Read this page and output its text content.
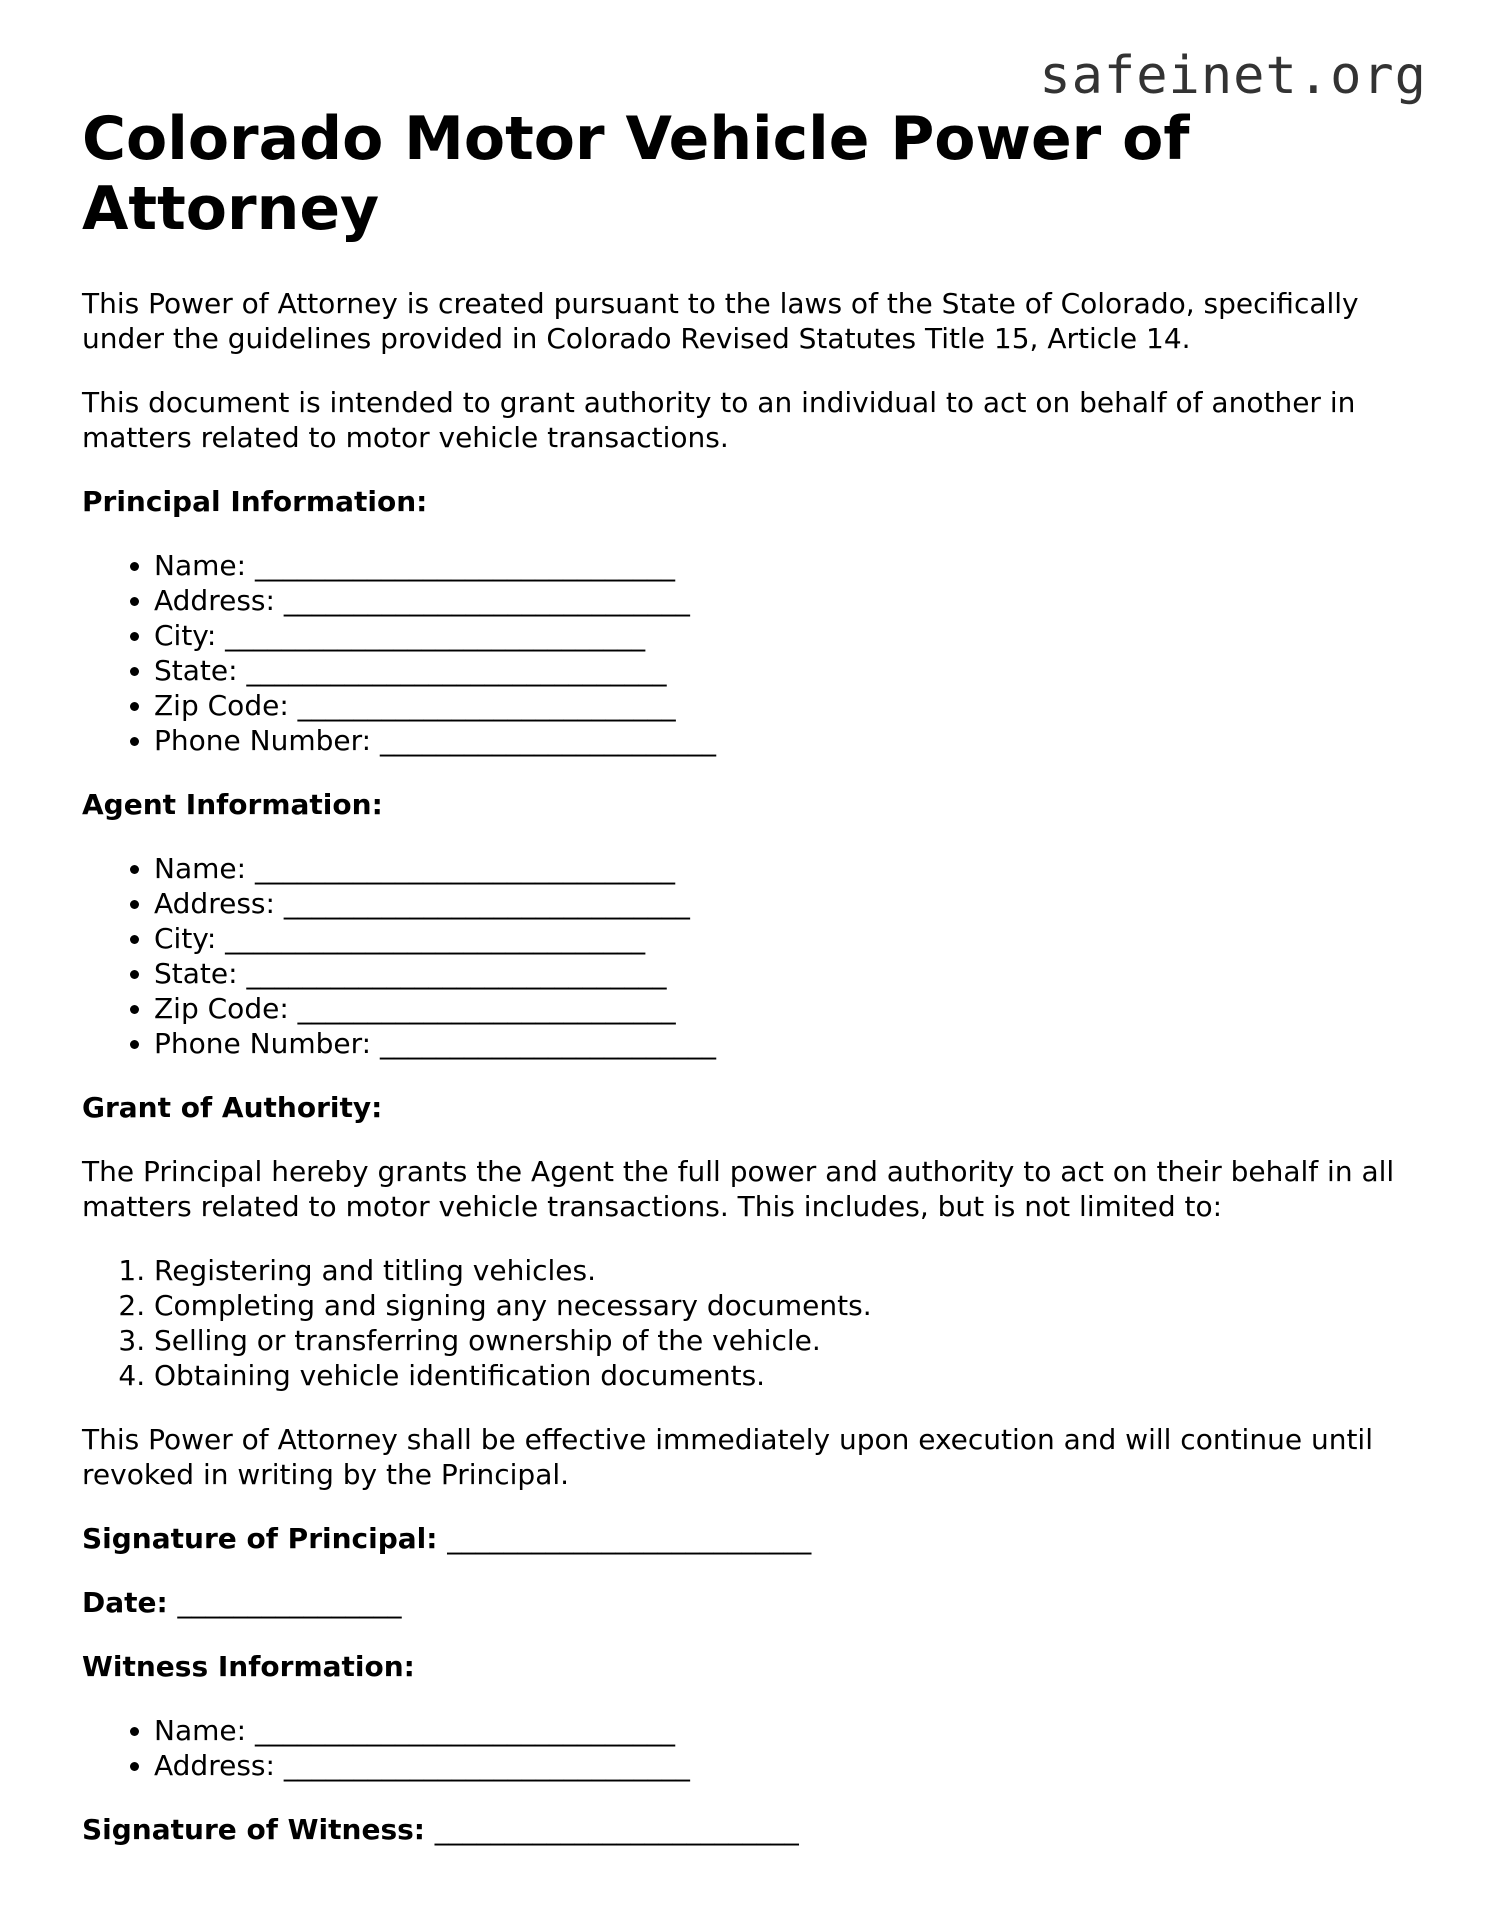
safeinet.org
Colorado Motor Vehicle Power of Attorney

This Power of Attorney is created pursuant to the laws of the State of Colorado, specifically under the guidelines provided in Colorado Revised Statutes Title 15, Article 14.

This document is intended to grant authority to an individual to act on behalf of another in matters related to motor vehicle transactions.

Principal Information:

• Name: ______________________________
• Address: _____________________________
• City: ______________________________
• State: ______________________________
• Zip Code: ___________________________
• Phone Number: ________________________

Agent Information:

• Name: ______________________________
• Address: _____________________________
• City: ______________________________
• State: ______________________________
• Zip Code: ___________________________
• Phone Number: ________________________

Grant of Authority:

The Principal hereby grants the Agent the full power and authority to act on their behalf in all matters related to motor vehicle transactions. This includes, but is not limited to:

1. Registering and titling vehicles.
2. Completing and signing any necessary documents.
3. Selling or transferring ownership of the vehicle.
4. Obtaining vehicle identification documents.

This Power of Attorney shall be effective immediately upon execution and will continue until revoked in writing by the Principal.

Signature of Principal: __________________________

Date: ________________

Witness Information:

• Name: ______________________________
• Address: _____________________________

Signature of Witness: __________________________
